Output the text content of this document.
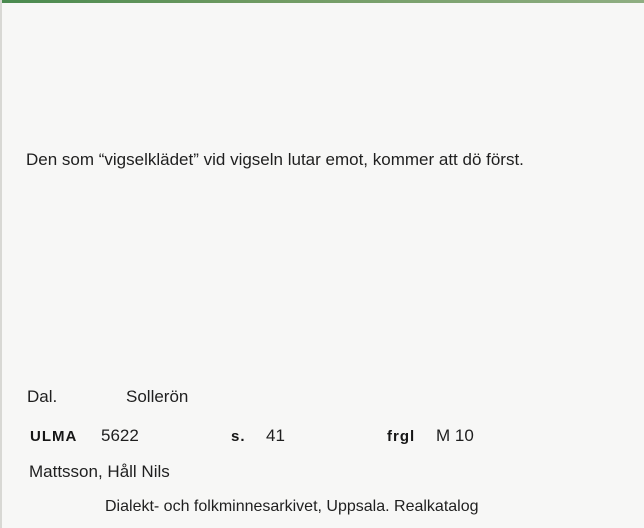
Den som “vigselklädet” vid vigseln lutar emot, kommer att dö först.
Dal.	Sollerön
ULMA 5622	s. 41	frgl M 10
Mattsson, Håll Nils
Dialekt- och folkminnesarkivet, Uppsala. Realkatalog
